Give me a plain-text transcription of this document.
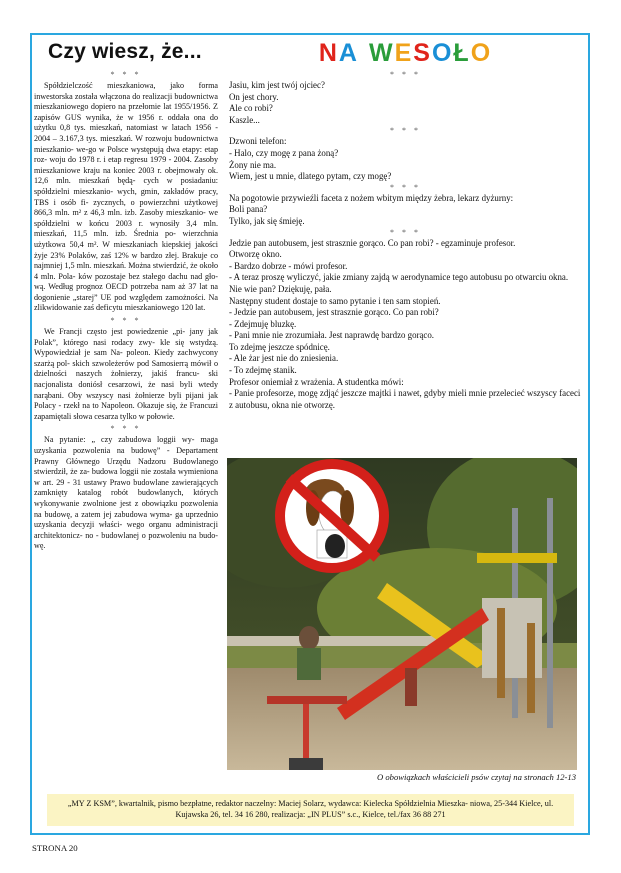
Czy wiesz, że...
* * *
Spółdzielczość mieszkaniowa, jako forma inwestorska została włączona do realizacji budownictwa mieszkaniowego dopiero na przełomie lat 1955/1956. Z zapisów GUS wynika, że w 1956 r. oddała ona do użytku 0,8 tys. mieszkań, natomiast w latach 1956 - 2004 – 3.167,3 tys. mieszkań. W rozwoju budownictwa mieszkanio- we-go w Polsce występują dwa etapy: etap roz- woju do 1978 r. i etap regresu 1979 - 2004. Zasoby mieszkaniowe kraju na koniec 2003 r. obejmowały ok. 12,6 mln. mieszkań będą- cych w posiadaniu: spółdzielni mieszkanio- wych, gmin, zakładów pracy, TBS i osób fi- zycznych, o powierzchni użytkowej 866,3 mln. m² z 46,3 mln. izb. Zasoby mieszkanio- we spółdzielni w końcu 2003 r. wynosiły 3,4 mln. mieszkań, 11,5 mln. izb. Średnia po- wierzchnia użytkowa 50,4 m². W mieszkaniach kiepskiej jakości żyje 23% Polaków, zaś 12% w bardzo złej. Brakuje co najmniej 1,5 mln. mieszkań. Można stwierdzić, że około 4 mln. Pola- ków pozostaje bez stałego dachu nad gło- wą. Według prognoz OECD potrzeba nam aż 37 lat na dogonienie „starej” UE pod względem zamożności. Na zlikwidowanie zaś deficytu mieszkaniowego 120 lat.
* * *
We Francji często jest powiedzenie „pi- jany jak Polak”, którego nasi rodacy zwy- kle się wstydzą. Wypowiedział je sam Na- poleon. Kiedy zachwycony szarżą pol- skich szwoleżerów pod Samosierrą mówił o dzielności naszych żołnierzy, jakiś francu- ski nacjonalista doniósł cesarzowi, że nasi byli wtedy narąbani. Oby wszyscy nasi żołnierze byli pijani jak Polacy - rzekł na to Napoleon. Okazuje się, że Francuzi zapamiętali słowa cesarza tylko w połowie.
* * *
Na pytanie: „ czy zabudowa loggii wy- maga uzyskania pozwolenia na budowę” - Departament Prawny Głównego Urzędu Nadzoru Budowlanego stwierdził, że za- budowa loggii nie została wymieniona w art. 29 - 31 ustawy Prawo budowlane zawierających zamknięty katalog robót budowlanych, których wykonywanie zwolnione jest z obowiązku pozwolenia na budowę, a zatem jej zabudowa wyma- ga uprzednio uzyskania decyzji właści- wego organu administracji architektonicz- no - budowlanej o pozwoleniu na budo- wę.
NA WESOŁO
* * *
Jasiu, kim jest twój ojciec?
On jest chory.
Ale co robi?
Kaszle...
* * *
Dzwoni telefon:
- Halo, czy mogę z pana żoną?
Żony nie ma.
Wiem, jest u mnie, dlatego pytam, czy mogę?
* * *
Na pogotowie przywieźli faceta z nożem wbitym między żebra, lekarz dyżurny:
Boli pana?
Tylko, jak się śmieję.
* * *
Jedzie pan autobusem, jest strasznie gorąco. Co pan robi? - egzaminuje profesor.
Otworzę okno.
- Bardzo dobrze - mówi profesor.
- A teraz proszę wyliczyć, jakie zmiany zajdą w aerodynamice tego autobusu po otwarciu okna. Nie wie pan? Dziękuję, pała.
Następny student dostaje to samo pytanie i ten sam stopień.
- Jedzie pan autobusem, jest strasznie gorąco. Co pan robi?
- Zdejmuję bluzkę.
- Pani mnie nie zrozumiała. Jest naprawdę bardzo gorąco.
To zdejmę jeszcze spódnicę.
- Ale żar jest nie do zniesienia.
- To zdejmę stanik.
Profesor oniemiał z wrażenia. A studentka mówi:
- Panie profesorze, mogę zdjąć jeszcze majtki i nawet, gdyby mieli mnie przelecieć wszyscy faceci z autobusu, okna nie otworzę.
O obowiązkach właścicieli psów czytaj na stronach 12-13
„MY Z KSM”, kwartalnik, pismo bezpłatne, redaktor naczelny: Maciej Solarz, wydawca: Kielecka Spółdzielnia Mieszka- niowa, 25-344 Kielce, ul. Kujawska 26, tel. 34 16 280, realizacja: „IN PLUS” s.c., Kielce, tel./fax 36 88 271
STRONA 20
